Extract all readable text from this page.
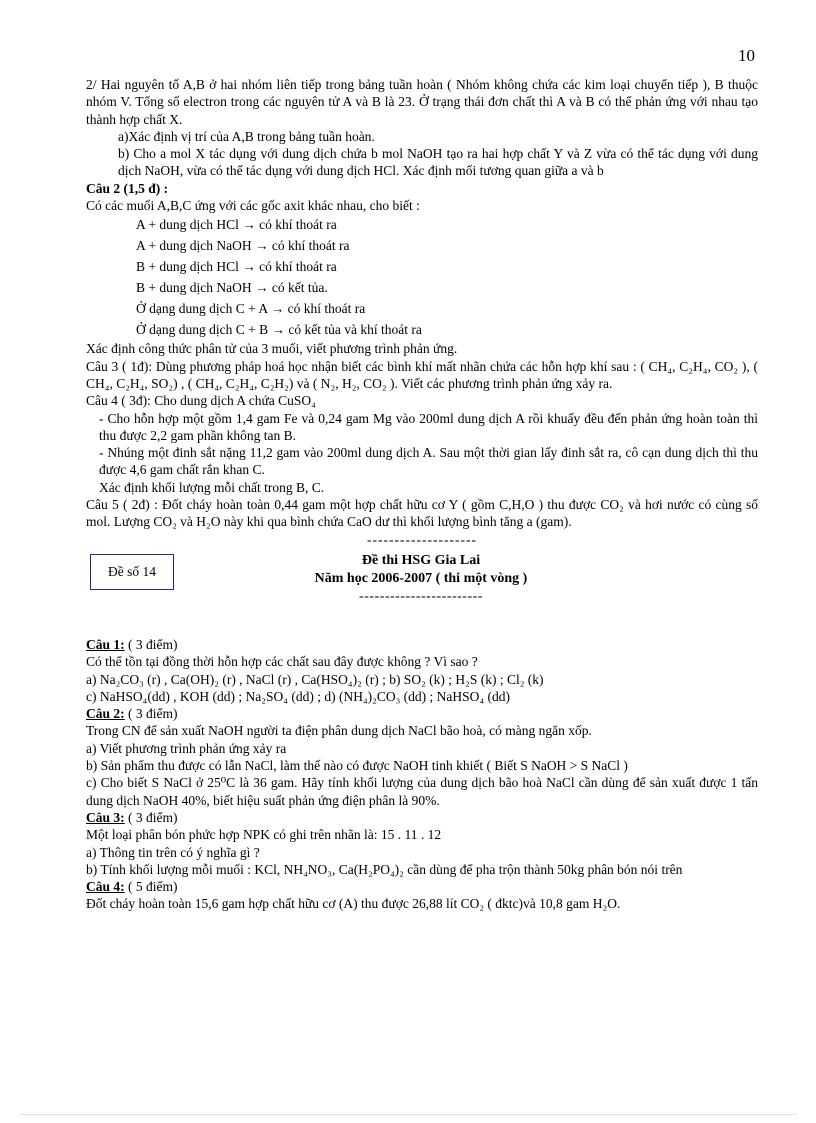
10

2/ Hai nguyên tố A,B ở hai nhóm liên tiếp trong bảng tuần hoàn ( Nhóm không chứa các kim loại chuyển tiếp ), B thuộc nhóm V. Tổng số electron trong các nguyên tử A và B là 23. Ở trạng thái đơn chất thì A và B có thể phản ứng với nhau tạo thành hợp chất X.

a)Xác định vị trí của A,B trong bảng tuần hoàn.

b) Cho a mol X tác dụng với dung dịch chứa b mol NaOH tạo ra hai hợp chất Y và Z vừa có thể tác dụng với dung dịch NaOH, vừa có thể tác dụng với dung dịch HCl. Xác định mối tương quan giữa a và b

Câu 2 (1,5 đ) :

Có các muối A,B,C ứng với các gốc axit khác nhau, cho biết :

A + dung dịch HCl → có khí thoát ra

A + dung dịch NaOH → có khí thoát ra

B + dung dịch HCl → có khí thoát ra

B + dung dịch NaOH → có kết tủa.

Ở dạng dung dịch C + A → có khí thoát ra

Ở dạng dung dịch C + B → có kết tủa và khí thoát ra

Xác định công thức phân tử của 3 muối, viết phương trình phản ứng.

Câu 3 ( 1đ): Dùng phương pháp hoá học nhận biết các bình khí mất nhãn chứa các hỗn hợp khí sau : ( CH₄, C₂H₄, CO₂ ), ( CH₄, C₂H₄, SO₂) , ( CH₄, C₂H₄, C₂H₂) và ( N₂, H₂, CO₂ ). Viết các phương trình phản ứng xảy ra.

Câu 4 ( 3đ): Cho dung dịch A chứa CuSO₄

- Cho hỗn hợp một gồm 1,4 gam Fe và 0,24 gam Mg vào 200ml dung dịch A rồi khuấy đều đến phản ứng hoàn toàn thì thu được 2,2 gam phần không tan B.

- Nhúng một đinh sắt nặng 11,2 gam vào 200ml dung dịch A. Sau một thời gian lấy đinh sắt ra, cô cạn dung dịch thì thu được 4,6 gam chất rắn khan C.

Xác định khối lượng mỗi chất trong B, C.

Câu 5 ( 2đ) : Đốt cháy hoàn toàn 0,44 gam một hợp chất hữu cơ Y ( gồm C,H,O ) thu được CO₂ và hơi nước có cùng số mol. Lượng CO₂ và H₂O này khi qua bình chứa CaO dư thì khối lượng bình tăng a (gam).

--------------------

Đề số 14
Đề thi HSG Gia Lai
Năm học 2006-2007 ( thi một vòng )
------------------------

Câu 1: ( 3 điểm)

Có thể tồn tại đồng thời hỗn hợp các chất sau đây được không ? Vì sao ?

a) Na₂CO₃ (r) , Ca(OH)₂ (r) , NaCl (r) , Ca(HSO₄)₂ (r) ; b) SO₂ (k) ; H₂S (k) ; Cl₂ (k)

c) NaHSO₄(dd) , KOH (dd) ; Na₂SO₄ (dd) ; d) (NH₄)₂CO₃ (dd) ; NaHSO₄ (dd)

Câu 2: ( 3 điểm)

Trong CN để sản xuất NaOH người ta điện phân dung dịch NaCl bão hoà, có màng ngăn xốp.

a) Viết phương trình phản ứng xảy ra

b) Sản phẩm thu được có lẫn NaCl, làm thế nào có được NaOH tinh khiết ( Biết S NaOH > S NaCl )

c) Cho biết S NaCl ở 25⁰C là 36 gam. Hãy tính khối lượng của dung dịch bão hoà NaCl cần dùng để sản xuất được 1 tấn dung dịch NaOH 40%, biết hiệu suất phản ứng điện phân là 90%.

Câu 3: ( 3 điểm)

Một loại phân bón phức hợp NPK có ghi trên nhãn là: 15 . 11 . 12

a) Thông tin trên có ý nghĩa gì ?

b) Tính khối lượng mỗi muối : KCl, NH₄NO₃, Ca(H₂PO₄)₂ cần dùng để pha trộn thành 50kg phân bón nói trên

Câu 4: ( 5 điểm)

Đốt cháy hoàn toàn 15,6 gam hợp chất hữu cơ (A) thu được 26,88 lít CO₂ ( đktc)và 10,8 gam H₂O.
